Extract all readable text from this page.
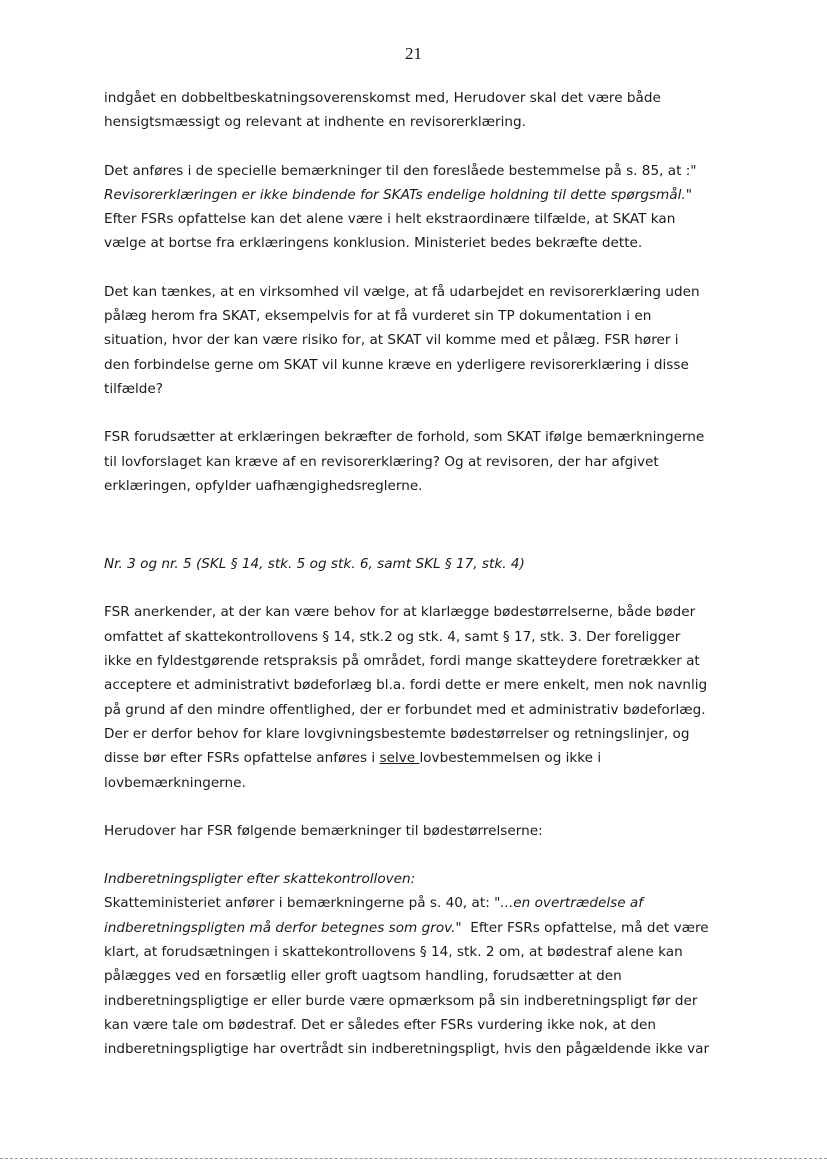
21
indgået en dobbeltbeskatningsoverenskomst med, Herudover skal det være både
hensigtsmæssigt og relevant at indhente en revisorerklæring.
Det anføres i de specielle bemærkninger til den foreslåede bestemmelse på s. 85, at :"
Revisorerklæringen er ikke bindende for SKATs endelige holdning til dette spørgsmål."
Efter FSRs opfattelse kan det alene være i helt ekstraordinære tilfælde, at SKAT kan
vælge at bortse fra erklæringens konklusion. Ministeriet bedes bekræfte dette.
Det kan tænkes, at en virksomhed vil vælge, at få udarbejdet en revisorerklæring uden
pålæg herom fra SKAT, eksempelvis for at få vurderet sin TP dokumentation i en
situation, hvor der kan være risiko for, at SKAT vil komme med et pålæg. FSR hører i
den forbindelse gerne om SKAT vil kunne kræve en yderligere revisorerklæring i disse
tilfælde?
FSR forudsætter at erklæringen bekræfter de forhold, som SKAT ifølge bemærkningerne
til lovforslaget kan kræve af en revisorerklæring? Og at revisoren, der har afgivet
erklæringen, opfylder uafhængighedsreglerne.
Nr. 3 og nr. 5 (SKL § 14, stk. 5 og stk. 6, samt SKL § 17, stk. 4)
FSR anerkender, at der kan være behov for at klarlægge bødestørrelserne, både bøder
omfattet af skattekontrollovens § 14, stk.2 og stk. 4, samt § 17, stk. 3. Der foreligger
ikke en fyldestgørende retspraksis på området, fordi mange skatteydere foretrækker at
acceptere et administrativt bødeforlæg bl.a. fordi dette er mere enkelt, men nok navnlig
på grund af den mindre offentlighed, der er forbundet med et administrativ bødeforlæg.
Der er derfor behov for klare lovgivningsbestemte bødestørrelser og retningslinjer, og
disse bør efter FSRs opfattelse anføres i selve lovbestemmelsen og ikke i
lovbemærkningerne.
Herudover har FSR følgende bemærkninger til bødestørrelserne:
Indberetningspligter efter skattekontrolloven:
Skatteministeriet anfører i bemærkningerne på s. 40, at: "...en overtrædelse af
indberetningspligten må derfor betegnes som grov."  Efter FSRs opfattelse, må det være
klart, at forudsætningen i skattekontrollovens § 14, stk. 2 om, at bødestraf alene kan
pålægges ved en forsætlig eller groft uagtsom handling, forudsætter at den
indberetningspligtige er eller burde være opmærksom på sin indberetningspligt før der
kan være tale om bødestraf. Det er således efter FSRs vurdering ikke nok, at den
indberetningspligtige har overtrådt sin indberetningspligt, hvis den pågældende ikke var
